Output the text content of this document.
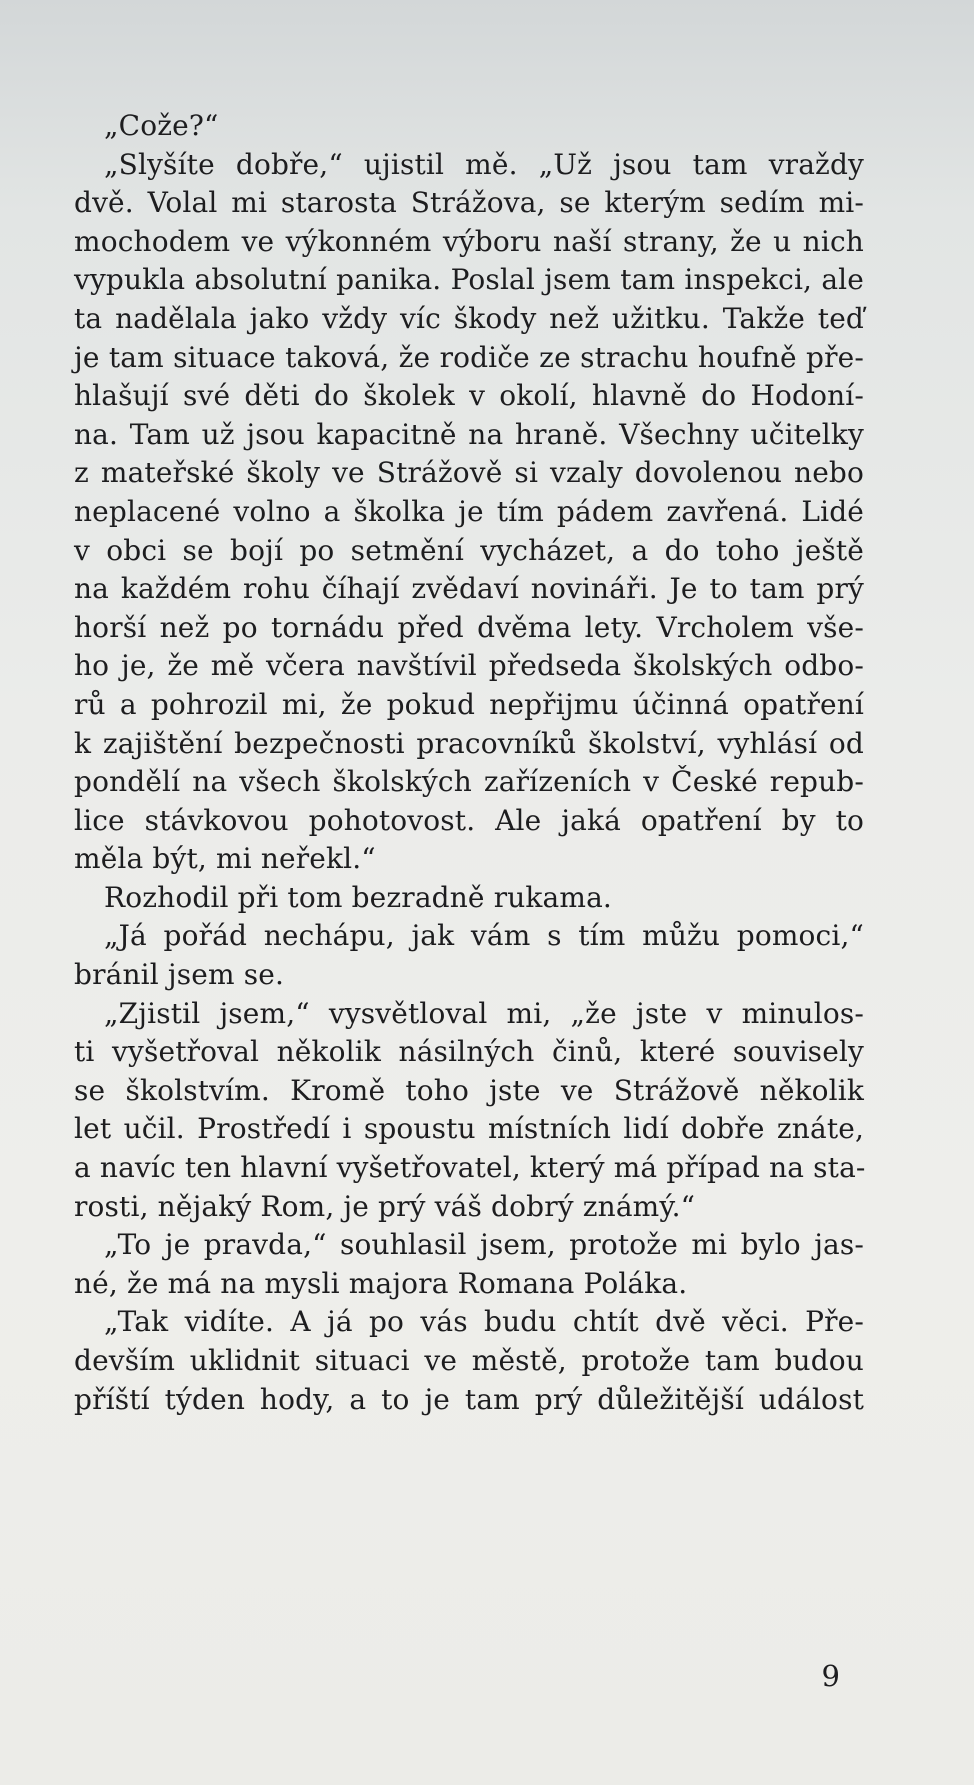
„Cože?“
„Slyšíte dobře,“ ujistil mě. „Už jsou tam vraždy
dvě. Volal mi starosta Strážova, se kterým sedím mi-
mochodem ve výkonném výboru naší strany, že u nich
vypukla absolutní panika. Poslal jsem tam inspekci, ale
ta nadělala jako vždy víc škody než užitku. Takže teď
je tam situace taková, že rodiče ze strachu houfně pře-
hlašují své děti do školek v okolí, hlavně do Hodoní-
na. Tam už jsou kapacitně na hraně. Všechny učitelky
z mateřské školy ve Strážově si vzaly dovolenou nebo
neplacené volno a školka je tím pádem zavřená. Lidé
v obci se bojí po setmění vycházet, a do toho ještě
na každém rohu číhají zvědaví novináři. Je to tam prý
horší než po tornádu před dvěma lety. Vrcholem vše-
ho je, že mě včera navštívil předseda školských odbo-
rů a pohrozil mi, že pokud nepřijmu účinná opatření
k zajištění bezpečnosti pracovníků školství, vyhlásí od
pondělí na všech školských zařízeních v České repub-
lice stávkovou pohotovost. Ale jaká opatření by to
měla být, mi neřekl.“
Rozhodil při tom bezradně rukama.
„Já pořád nechápu, jak vám s tím můžu pomoci,“
bránil jsem se.
„Zjistil jsem,“ vysvětloval mi, „že jste v minulos-
ti vyšetřoval několik násilných činů, které souvisely
se školstvím. Kromě toho jste ve Strážově několik
let učil. Prostředí i spoustu místních lidí dobře znáte,
a navíc ten hlavní vyšetřovatel, který má případ na sta-
rosti, nějaký Rom, je prý váš dobrý známý.“
„To je pravda,“ souhlasil jsem, protože mi bylo jas-
né, že má na mysli majora Romana Poláka.
„Tak vidíte. A já po vás budu chtít dvě věci. Pře-
devším uklidnit situaci ve městě, protože tam budou
příští týden hody, a to je tam prý důležitější událost
9
